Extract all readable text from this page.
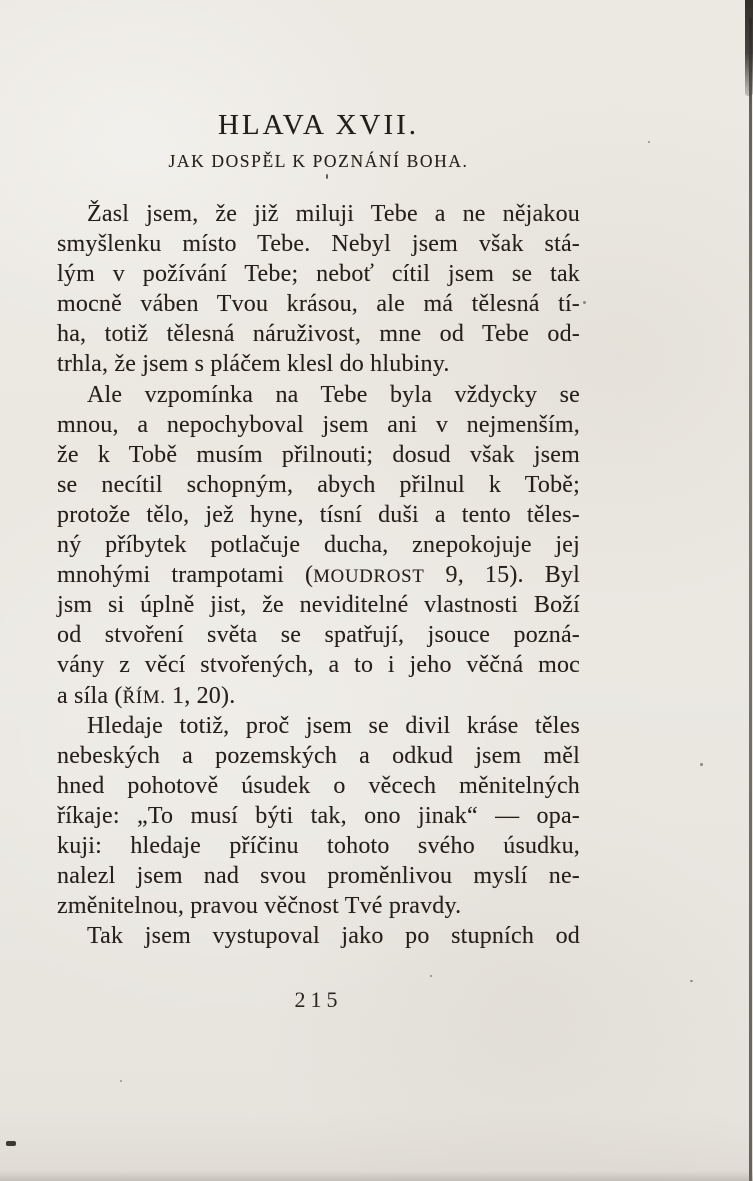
HLAVA XVII.
JAK DOSPĚL K POZNÁNÍ BOHA.
Žasl jsem, že již miluji Tebe a ne nějakou
smyšlenku místo Tebe. Nebyl jsem však stá-
lým v požívání Tebe; neboť cítil jsem se tak
mocně váben Tvou krásou, ale má tělesná tí-
ha, totiž tělesná náruživost, mne od Tebe od-
trhla, že jsem s pláčem klesl do hlubiny.
Ale vzpomínka na Tebe byla vždycky se
mnou, a nepochyboval jsem ani v nejmenším,
že k Tobě musím přilnouti; dosud však jsem
se necítil schopným, abych přilnul k Tobě;
protože tělo, jež hyne, tísní duši a tento těles-
ný příbytek potlačuje ducha, znepokojuje jej
mnohými trampotami (MOUDROST 9, 15). Byl
jsm si úplně jist, že neviditelné vlastnosti Boží
od stvoření světa se spatřují, jsouce pozná-
vány z věcí stvořených, a to i jeho věčná moc
a síla (ŘÍM. 1, 20).
Hledaje totiž, proč jsem se divil kráse těles
nebeských a pozemských a odkud jsem měl
hned pohotově úsudek o věcech měnitelných
říkaje: „To musí býti tak, ono jinak“ — opa-
kuji: hledaje příčinu tohoto svého úsudku,
nalezl jsem nad svou proměnlivou myslí ne-
změnitelnou, pravou věčnost Tvé pravdy.
Tak jsem vystupoval jako po stupních od
215
